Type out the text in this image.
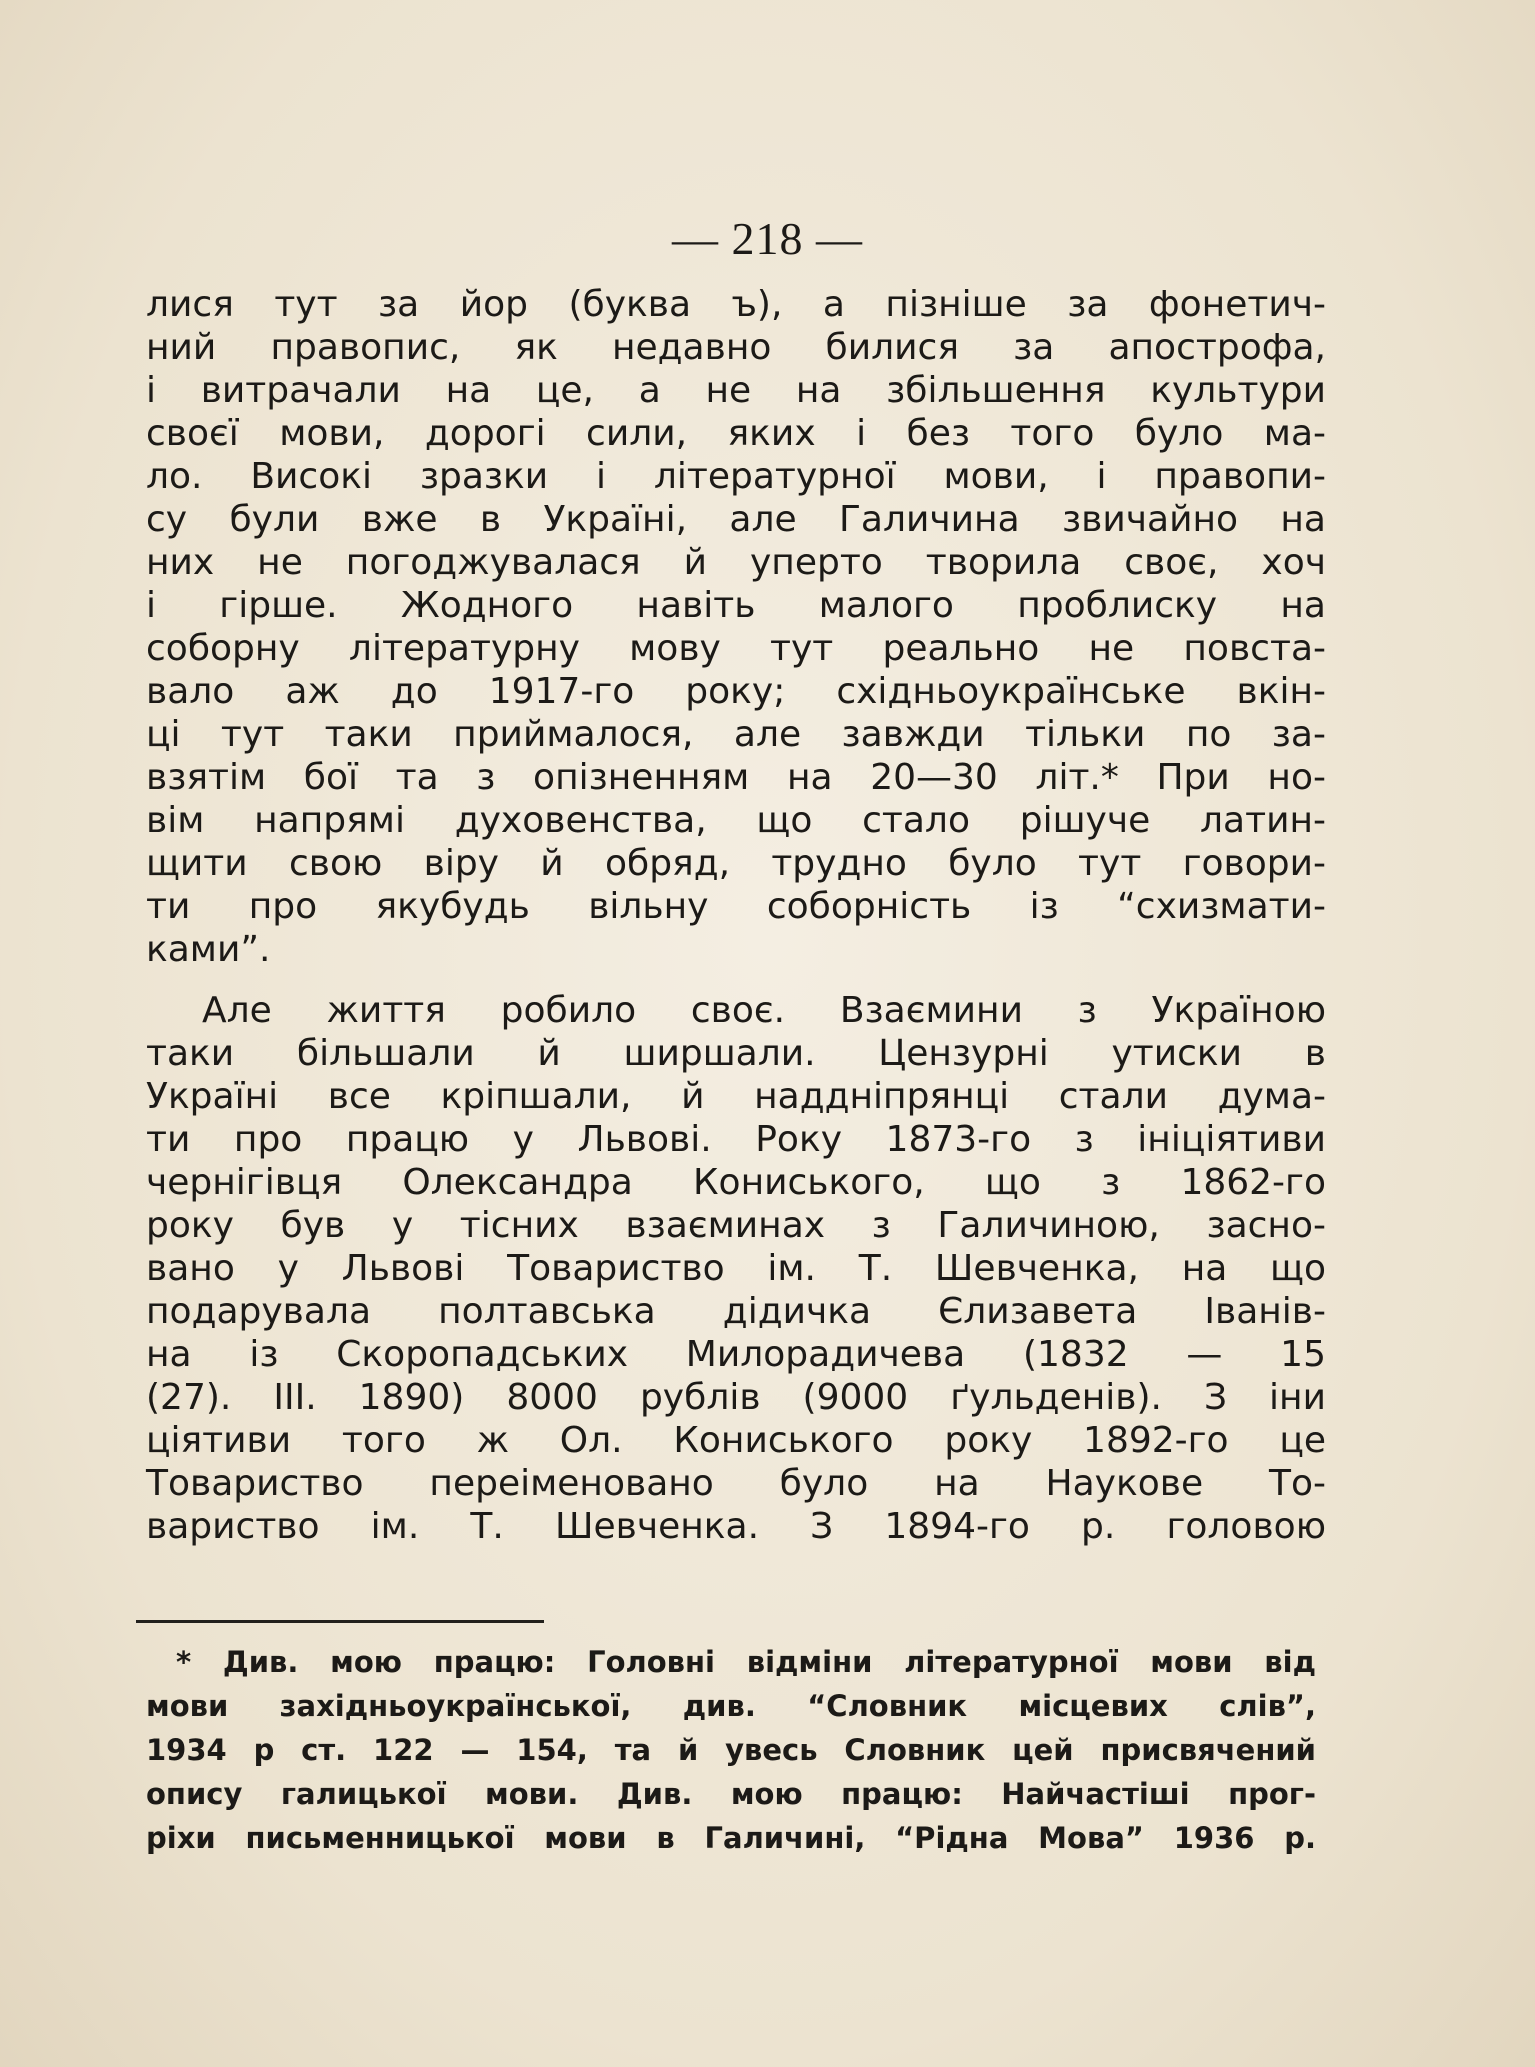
— 218 —
лися тут за йор (буква ъ), а пізніше за фонетич-
ний правопис, як недавно билися за апострофа,
і витрачали на це, а не на збільшення культури
своєї мови, дорогі сили, яких і без того було ма-
ло. Високі зразки і літературної мови, і правопи-
су були вже в Україні, але Галичина звичайно на
них не погоджувалася й уперто творила своє, хоч
і гірше. Жодного навіть малого проблиску на
соборну літературну мову тут реально не повста-
вало аж до 1917-го року; східньоукраїнське вкін-
ці тут таки приймалося, але завжди тільки по за-
взятім бої та з опізненням на 20—30 літ.* При но-
вім напрямі духовенства, що стало рішуче латин-
щити свою віру й обряд, трудно було тут говори-
ти про якубудь вільну соборність із “схизмати-
ками”.
Але життя робило своє. Взаємини з Україною
таки більшали й ширшали. Цензурні утиски в
Україні все кріпшали, й наддніпрянці стали дума-
ти про працю у Львові. Року 1873-го з ініціятиви
чернігівця Олександра Кониського, що з 1862-го
року був у тісних взаєминах з Галичиною, засно-
вано у Львові Товариство ім. Т. Шевченка, на що
подарувала полтавська дідичка Єлизавета Іванів-
на із Скоропадських Милорадичева (1832 — 15
(27). III. 1890) 8000 рублів (9000 ґульденів). З іни
ціятиви того ж Ол. Кониського року 1892-го це
Товариство переіменовано було на Наукове То-
вариство ім. Т. Шевченка. З 1894-го р. головою
* Див. мою працю: Головні відміни літературної мови від
мови західньоукраїнської, див. “Словник місцевих слів”,
1934 р ст. 122 — 154, та й увесь Словник цей присвячений
опису галицької мови. Див. мою працю: Найчастіші прог-
ріхи письменницької мови в Галичині, “Рідна Мова” 1936 р.
